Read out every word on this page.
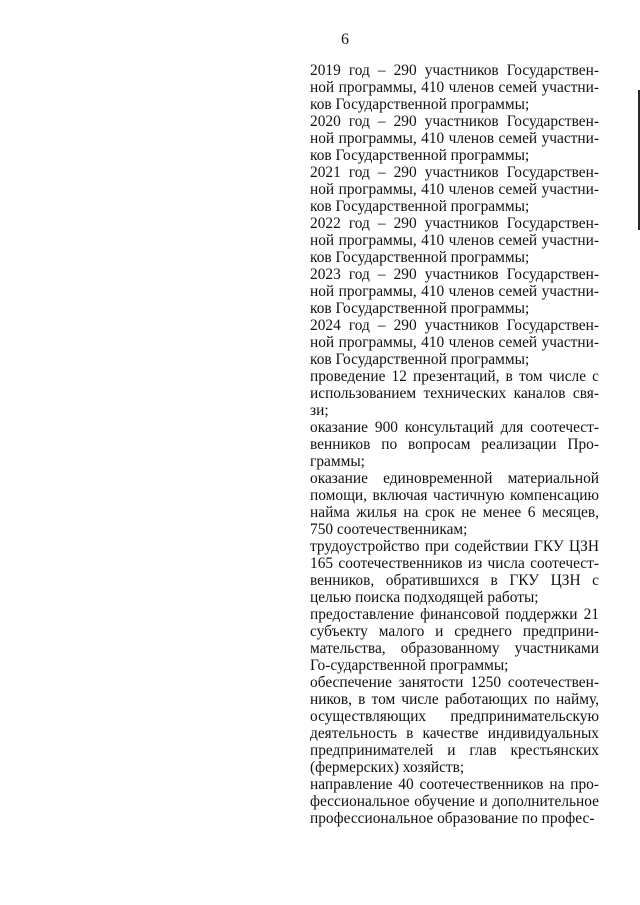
6

2019 год – 290 участников Государствен-ной программы, 410 членов семей участни-ков Государственной программы;

2020 год – 290 участников Государствен-ной программы, 410 членов семей участни-ков Государственной программы;

2021 год – 290 участников Государствен-ной программы, 410 членов семей участни-ков Государственной программы;

2022 год – 290 участников Государствен-ной программы, 410 членов семей участни-ков Государственной программы;

2023 год – 290 участников Государствен-ной программы, 410 членов семей участни-ков Государственной программы;

2024 год – 290 участников Государствен-ной программы, 410 членов семей участни-ков Государственной программы;

проведение 12 презентаций, в том числе с использованием технических каналов свя-зи;

оказание 900 консультаций для соотечест-венников по вопросам реализации Про-граммы;

оказание единовременной материальной помощи, включая частичную компенсацию найма жилья на срок не менее 6 месяцев, 750 соотечественникам;

трудоустройство при содействии ГКУ ЦЗН 165 соотечественников из числа соотечест-венников, обратившихся в ГКУ ЦЗН с целью поиска подходящей работы;

предоставление финансовой поддержки 21 субъекту малого и среднего предприни-мательства, образованному участниками Го-сударственной программы;

обеспечение занятости 1250 соотечествен-ников, в том числе работающих по найму, осуществляющих предпринимательскую деятельность в качестве индивидуальных предпринимателей и глав крестьянских (фермерских) хозяйств;

направление 40 соотечественников на про-фессиональное обучение и дополнительное профессиональное образование по профес-
